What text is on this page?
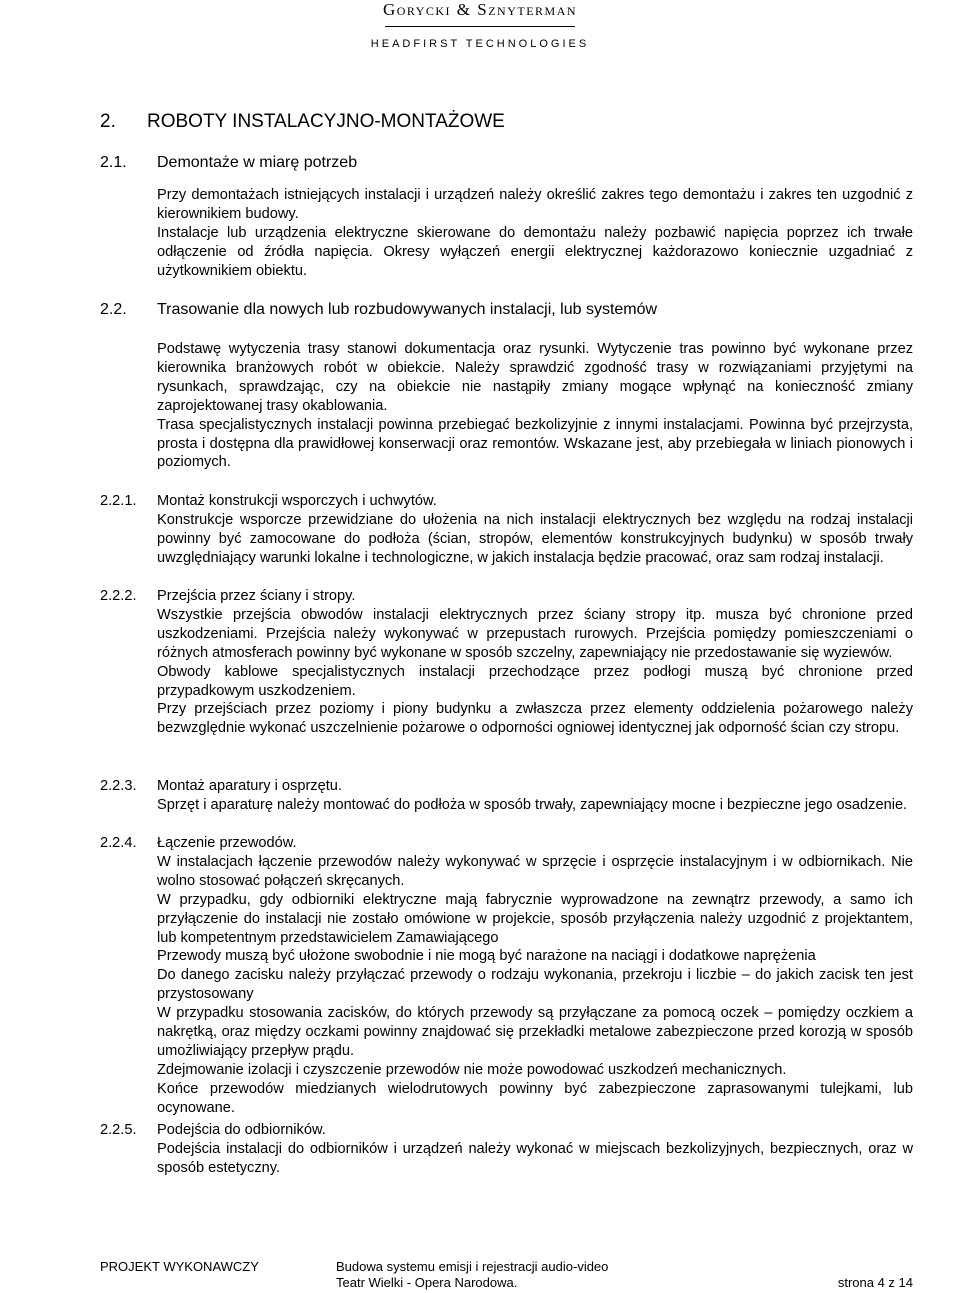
Gorycki & Sznyterman
HEADFIRST TECHNOLOGIES
2. ROBOTY INSTALACYJNO-MONTAŻOWE
2.1. Demontaże w miarę potrzeb

Przy demontażach istniejących instalacji i urządzeń należy określić zakres tego demontażu i zakres ten uzgodnić z kierownikiem budowy.

Instalacje lub urządzenia elektryczne skierowane do demontażu należy pozbawić napięcia poprzez ich trwałe odłączenie od źródła napięcia. Okresy wyłączeń energii elektrycznej każdorazowo koniecznie uzgadniać z użytkownikiem obiektu.

2.2. Trasowanie dla nowych lub rozbudowywanych instalacji, lub systemów

Podstawę wytyczenia trasy stanowi dokumentacja oraz rysunki. Wytyczenie tras powinno być wykonane przez kierownika branżowych robót w obiekcie. Należy sprawdzić zgodność trasy w rozwiązaniami przyjętymi na rysunkach, sprawdzając, czy na obiekcie nie nastąpiły zmiany mogące wpłynąć na konieczność zmiany zaprojektowanej trasy okablowania.

Trasa specjalistycznych instalacji powinna przebiegać bezkolizyjnie z innymi instalacjami. Powinna być przejrzysta, prosta i dostępna dla prawidłowej konserwacji oraz remontów. Wskazane jest, aby przebiegała w liniach pionowych i poziomych.

2.2.1.	Montaż konstrukcji wsporczych i uchwytów.

Konstrukcje wsporcze przewidziane do ułożenia na nich instalacji elektrycznych bez względu na rodzaj instalacji powinny być zamocowane do podłoża (ścian, stropów, elementów konstrukcyjnych budynku) w sposób trwały uwzględniający warunki lokalne i technologiczne, w jakich instalacja będzie pracować, oraz sam rodzaj instalacji.

2.2.2.	Przejścia przez ściany i stropy.

Wszystkie przejścia obwodów instalacji elektrycznych przez ściany stropy itp. musza być chronione przed uszkodzeniami. Przejścia należy wykonywać w przepustach rurowych. Przejścia pomiędzy pomieszczeniami o różnych atmosferach powinny być wykonane w sposób szczelny, zapewniający nie przedostawanie się wyziewów.

Obwody kablowe specjalistycznych instalacji przechodzące przez podłogi muszą być chronione przed przypadkowym uszkodzeniem.

Przy przejściach przez poziomy i piony budynku a zwłaszcza przez elementy oddzielenia pożarowego należy bezwzględnie wykonać uszczelnienie pożarowe o odporności ogniowej identycznej jak odporność ścian czy stropu.

2.2.3.	Montaż aparatury i osprzętu.

Sprzęt i aparaturę należy montować do podłoża w sposób trwały, zapewniający mocne i bezpieczne jego osadzenie.

2.2.4.	Łączenie przewodów.

W instalacjach łączenie przewodów należy wykonywać w sprzęcie i osprzęcie instalacyjnym i w odbiornikach. Nie wolno stosować połączeń skręcanych.

W przypadku, gdy odbiorniki elektryczne mają fabrycznie wyprowadzone na zewnątrz przewody, a samo ich przyłączenie do instalacji nie zostało omówione w projekcie, sposób przyłączenia należy uzgodnić z projektantem, lub kompetentnym przedstawicielem Zamawiającego

Przewody muszą być ułożone swobodnie i nie mogą być narażone na naciągi i dodatkowe naprężenia

Do danego zacisku należy przyłączać przewody o rodzaju wykonania, przekroju i liczbie – do jakich zacisk ten jest przystosowany

W przypadku stosowania zacisków, do których przewody są przyłączane za pomocą oczek – pomiędzy oczkiem a nakrętką, oraz między oczkami powinny znajdować się przekładki metalowe zabezpieczone przed korozją w sposób umożliwiający przepływ prądu.

Zdejmowanie izolacji i czyszczenie przewodów nie może powodować uszkodzeń mechanicznych.

Końce przewodów miedzianych wielodrutowych powinny być zabezpieczone zaprasowanymi tulejkami, lub ocynowane.

2.2.5.	Podejścia do odbiorników.

Podejścia instalacji do odbiorników i urządzeń należy wykonać w miejscach bezkolizyjnych, bezpiecznych, oraz w sposób estetyczny.

PROJEKT WYKONAWCZY	Budowa systemu emisji i rejestracji audio-video
Teatr Wielki - Opera Narodowa.	strona 4 z 14
